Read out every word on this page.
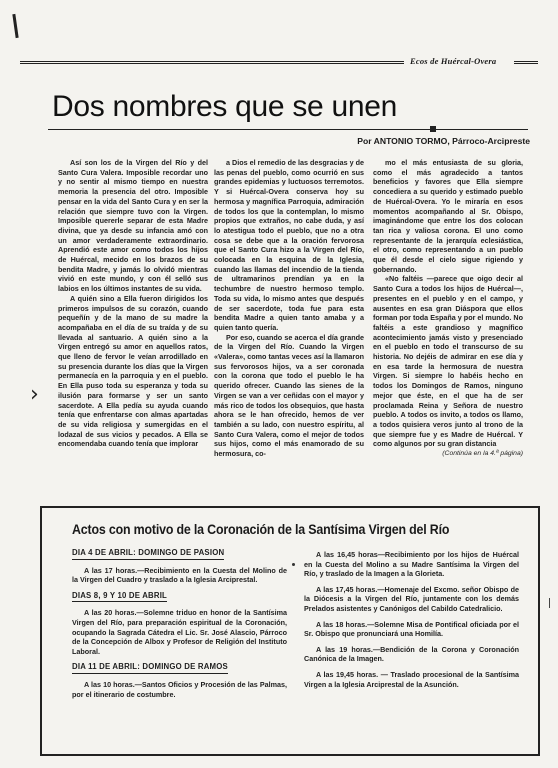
Ecos de Huércal-Overa
Dos nombres que se unen
Por ANTONIO TORMO, Párroco-Arcipreste
›

Así son los de la Virgen del Río y del Santo Cura Valera. Imposible recordar uno y no sentir al mismo tiempo en nuestra memoria la presencia del otro. Imposible pensar en la vida del Santo Cura y en ser la relación que siempre tuvo con la Virgen. Imposible quererle separar de esta Madre divina, que ya desde su infancia amó con un amor verdaderamente extraordinario. Aprendió este amor como todos los hijos de Huércal, mecido en los brazos de su bendita Madre, y jamás lo olvidó mientras vivió en este mundo, y con él selló sus labios en los últimos instantes de su vida.

A quién sino a Ella fueron dirigidos los primeros impulsos de su corazón, cuando pequeñín y de la mano de su madre la acompañaba en el día de su traída y de su llevada al santuario. A quién sino a la Virgen entregó su amor en aquellos ratos, que lleno de fervor le veían arrodillado en su presencia durante los días que la Virgen permanecía en la parroquia y en el pueblo. En Ella puso toda su esperanza y toda su ilusión para formarse y ser un santo sacerdote. A Ella pedía su ayuda cuando tenía que enfrentarse con almas apartadas de su vida religiosa y sumergidas en el lodazal de sus vicios y pecados. A Ella se encomendaba cuando tenía que implorar

a Dios el remedio de las desgracias y de las penas del pueblo, como ocurrió en sus grandes epidemias y luctuosos terremotos. Y si Huércal-Overa conserva hoy su hermosa y magnífica Parroquia, admiración de todos los que la contemplan, lo mismo propios que extraños, no cabe duda, y así lo atestigua todo el pueblo, que no a otra cosa se debe que a la oración fervorosa que el Santo Cura hizo a la Virgen del Río, colocada en la esquina de la Iglesia, cuando las llamas del incendio de la tienda de ultramarinos prendían ya en la techumbre de nuestro hermoso templo. Toda su vida, lo mismo antes que después de ser sacerdote, toda fue para esta bendita Madre a quien tanto amaba y a quien tanto quería.

Por eso, cuando se acerca el día grande de la Virgen del Río. Cuando la Virgen «Valera», como tantas veces así la llamaron sus fervorosos hijos, va a ser coronada con la corona que todo el pueblo le ha querido ofrecer. Cuando las sienes de la Virgen se van a ver ceñidas con el mayor y más rico de todos los obsequios, que hasta ahora se le han ofrecido, hemos de ver también a su lado, con nuestro espíritu, al Santo Cura Valera, como el mejor de todos sus hijos, como el más enamorado de su hermosura, co-

mo el más entusiasta de su gloria, como el más agradecido a tantos beneficios y favores que Ella siempre concediera a su querido y estimado pueblo de Huércal-Overa. Yo le miraría en esos momentos acompañando al Sr. Obispo, imaginándome que entre los dos colocan tan rica y valiosa corona. El uno como representante de la jerarquía eclesiástica, el otro, como representando a un pueblo que él desde el cielo sigue rigiendo y gobernando.

«No faltéis —parece que oigo decir al Santo Cura a todos los hijos de Huércal—, presentes en el pueblo y en el campo, y ausentes en esa gran Diáspora que ellos forman por toda España y por el mundo. No faltéis a este grandioso y magnífico acontecimiento jamás visto y presenciado en el pueblo en todo el transcurso de su historia. No dejéis de admirar en ese día y en esa tarde la hermosura de nuestra Virgen. Si siempre lo habéis hecho en todos los Domingos de Ramos, ninguno mejor que éste, en el que ha de ser proclamada Reina y Señora de nuestro pueblo. A todos os invito, a todos os llamo, a todos quisiera veros junto al trono de la que siempre fue y es Madre de Huércal. Y como algunos por su gran distancia

(Continúa en la 4.ª página)

Actos con motivo de la Coronación de la Santísima Virgen del Río
DIA 4 DE ABRIL: DOMINGO DE PASION

A las 17 horas.—Recibimiento en la Cuesta del Molino de la Virgen del Cuadro y traslado a la Iglesia Arciprestal.

DIAS 8, 9 Y 10 DE ABRIL

A las 20 horas.—Solemne triduo en honor de la Santísima Virgen del Río, para preparación espiritual de la Coronación, ocupando la Sagrada Cátedra el Lic. Sr. José Alascio, Párroco de la Concepción de Albox y Profesor de Religión del Instituto Laboral.

DIA 11 DE ABRIL: DOMINGO DE RAMOS

A las 10 horas.—Santos Oficios y Procesión de las Palmas, por el itinerario de costumbre.

A las 16,45 horas—Recibimiento por los hijos de Huércal en la Cuesta del Molino a su Madre Santísima la Virgen del Río, y traslado de la Imagen a la Glorieta.

A las 17,45 horas.—Homenaje del Excmo. señor Obispo de la Diócesis a la Virgen del Río, juntamente con los demás Prelados asistentes y Canónigos del Cabildo Catedralicio.

A las 18 horas.—Solemne Misa de Pontifical oficiada por el Sr. Obispo que pronunciará una Homilía.

A las 19 horas.—Bendición de la Corona y Coronación Canónica de la Imagen.

A las 19,45 horas. — Traslado procesional de la Santísima Virgen a la Iglesia Arciprestal de la Asunción.
